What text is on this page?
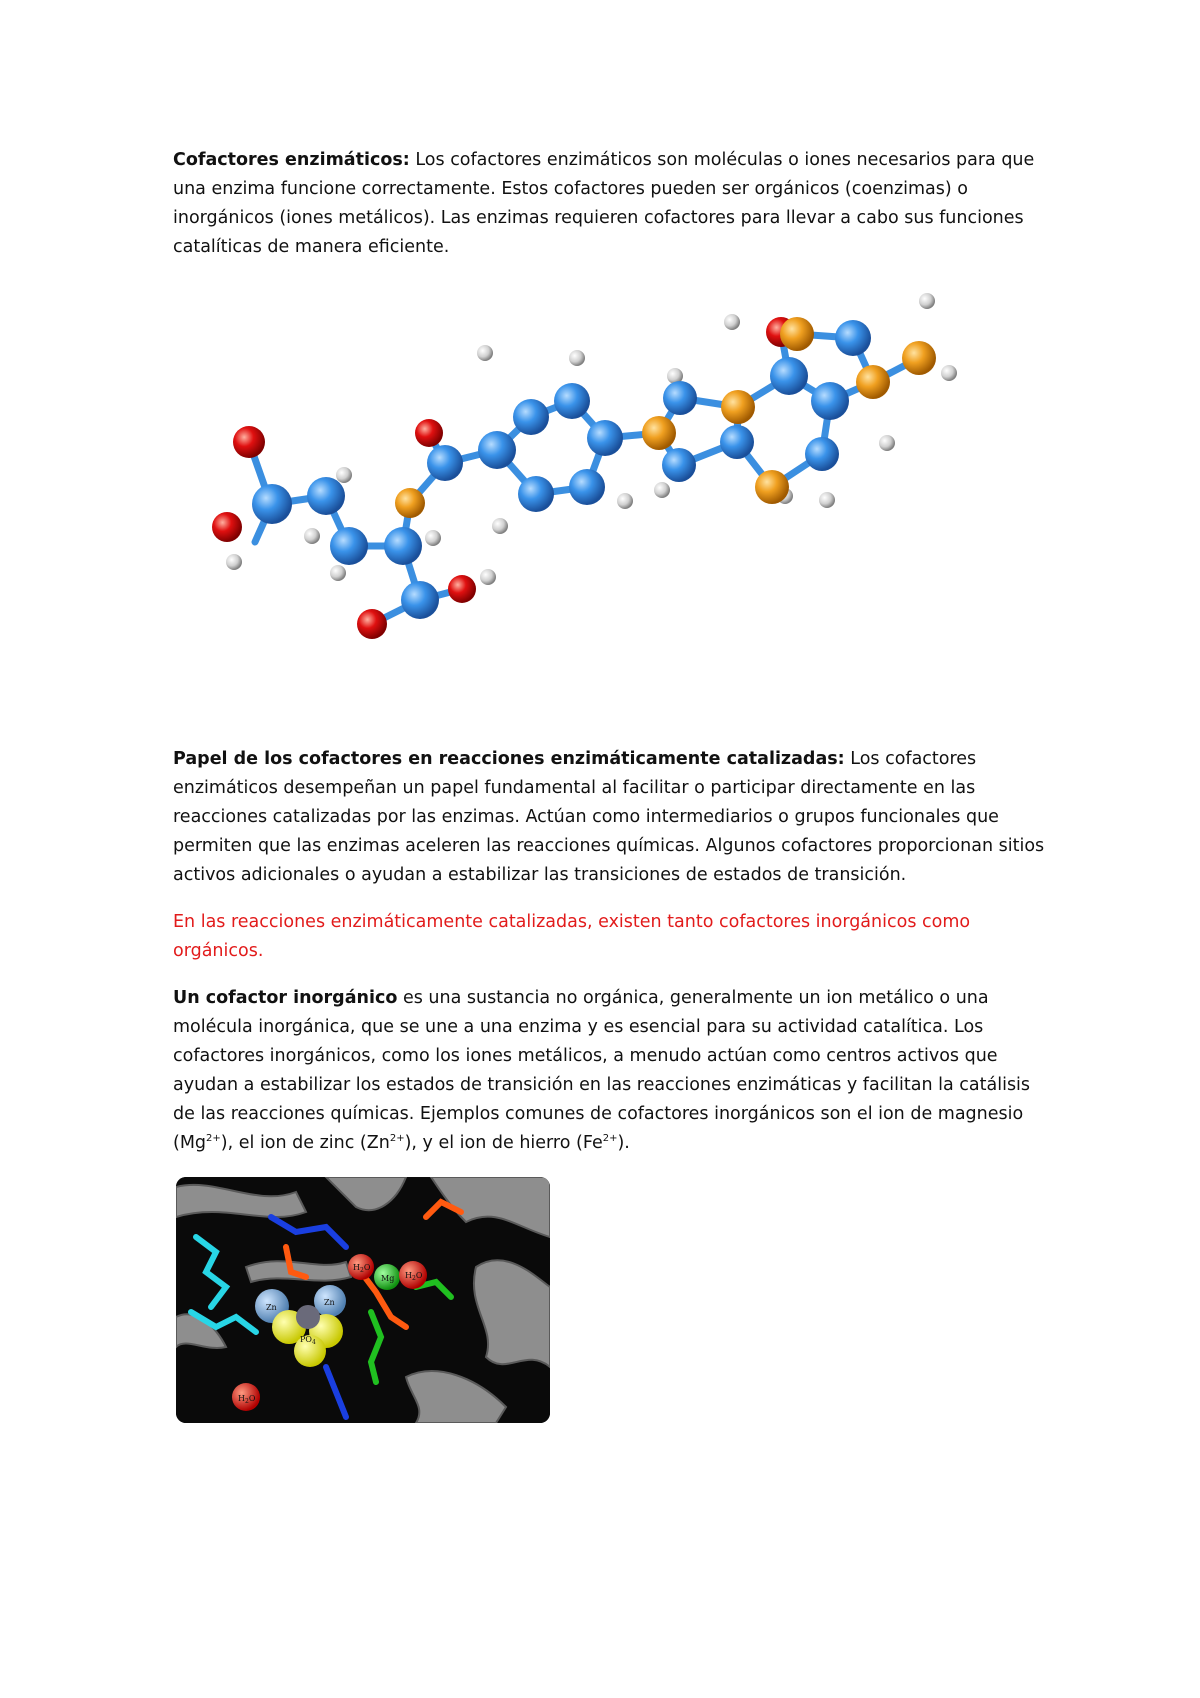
Cofactores enzimáticos: Los cofactores enzimáticos son moléculas o iones necesarios para que una enzima funcione correctamente. Estos cofactores pueden ser orgánicos (coenzimas) o inorgánicos (iones metálicos). Las enzimas requieren cofactores para llevar a cabo sus funciones catalíticas de manera eficiente.

Papel de los cofactores en reacciones enzimáticamente catalizadas: Los cofactores enzimáticos desempeñan un papel fundamental al facilitar o participar directamente en las reacciones catalizadas por las enzimas. Actúan como intermediarios o grupos funcionales que permiten que las enzimas aceleren las reacciones químicas. Algunos cofactores proporcionan sitios activos adicionales o ayudan a estabilizar las transiciones de estados de transición.

En las reacciones enzimáticamente catalizadas, existen tanto cofactores inorgánicos como orgánicos.

Un cofactor inorgánico es una sustancia no orgánica, generalmente un ion metálico o una molécula inorgánica, que se une a una enzima y es esencial para su actividad catalítica. Los cofactores inorgánicos, como los iones metálicos, a menudo actúan como centros activos que ayudan a estabilizar los estados de transición en las reacciones enzimáticas y facilitan la catálisis de las reacciones químicas. Ejemplos comunes de cofactores inorgánicos son el ion de magnesio $(Mg^{2+})$, el ion de zinc $(Zn^{2+})$, y el ion de hierro $(Fe^{2+})$.

Zn
Zn
Mg
$PO_4$
$H_2O$
$H_2O$
$H_2O$
